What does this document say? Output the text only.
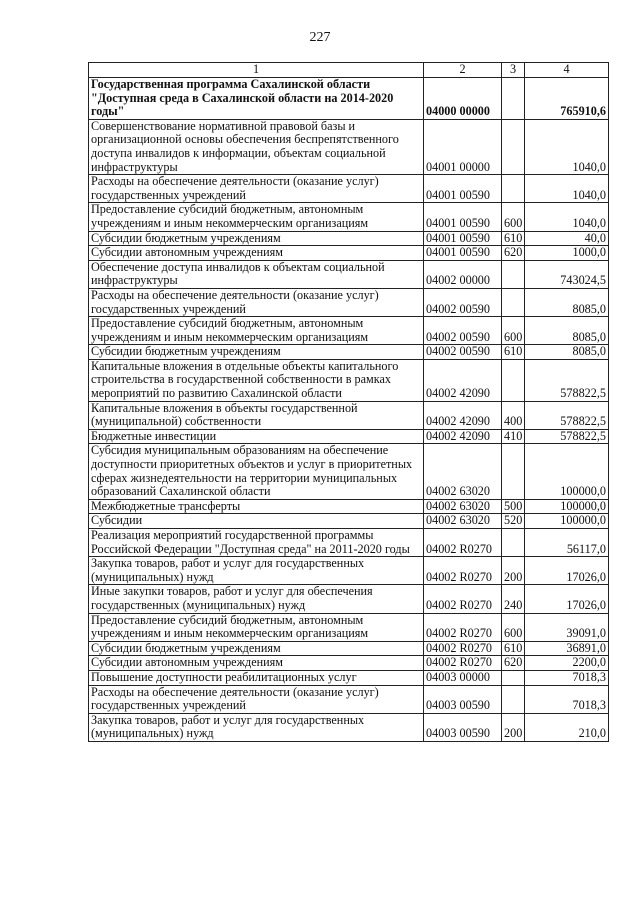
227
1	2	3	4
Государственная программа Сахалинской области "Доступная среда в Сахалинской области на 2014-2020 годы"	04000 00000		765910,6
Совершенствование нормативной правовой базы и организационной основы обеспечения беспрепятственного доступа инвалидов к информации, объектам социальной инфраструктуры	04001 00000		1040,0
Расходы на обеспечение деятельности (оказание услуг) государственных учреждений	04001 00590		1040,0
Предоставление субсидий бюджетным, автономным учреждениям и иным некоммерческим организациям	04001 00590	600	1040,0
Субсидии бюджетным учреждениям	04001 00590	610	40,0
Субсидии автономным учреждениям	04001 00590	620	1000,0
Обеспечение доступа инвалидов к объектам социальной инфраструктуры	04002 00000		743024,5
Расходы на обеспечение деятельности (оказание услуг) государственных учреждений	04002 00590		8085,0
Предоставление субсидий бюджетным, автономным учреждениям и иным некоммерческим организациям	04002 00590	600	8085,0
Субсидии бюджетным учреждениям	04002 00590	610	8085,0
Капитальные вложения в отдельные объекты капитального строительства в государственной собственности в рамках мероприятий по развитию Сахалинской области	04002 42090		578822,5
Капитальные вложения в объекты государственной (муниципальной) собственности	04002 42090	400	578822,5
Бюджетные инвестиции	04002 42090	410	578822,5
Субсидия муниципальным образованиям на обеспечение доступности приоритетных объектов и услуг в приоритетных сферах жизнедеятельности на территории муниципальных образований Сахалинской области	04002 63020		100000,0
Межбюджетные трансферты	04002 63020	500	100000,0
Субсидии	04002 63020	520	100000,0
Реализация мероприятий государственной программы Российской Федерации "Доступная среда" на 2011-2020 годы	04002 R0270		56117,0
Закупка товаров, работ и услуг для государственных (муниципальных) нужд	04002 R0270	200	17026,0
Иные закупки товаров, работ и услуг для обеспечения государственных (муниципальных) нужд	04002 R0270	240	17026,0
Предоставление субсидий бюджетным, автономным учреждениям и иным некоммерческим организациям	04002 R0270	600	39091,0
Субсидии бюджетным учреждениям	04002 R0270	610	36891,0
Субсидии автономным учреждениям	04002 R0270	620	2200,0
Повышение доступности реабилитационных услуг	04003 00000		7018,3
Расходы на обеспечение деятельности (оказание услуг) государственных учреждений	04003 00590		7018,3
Закупка товаров, работ и услуг для государственных (муниципальных) нужд	04003 00590	200	210,0
